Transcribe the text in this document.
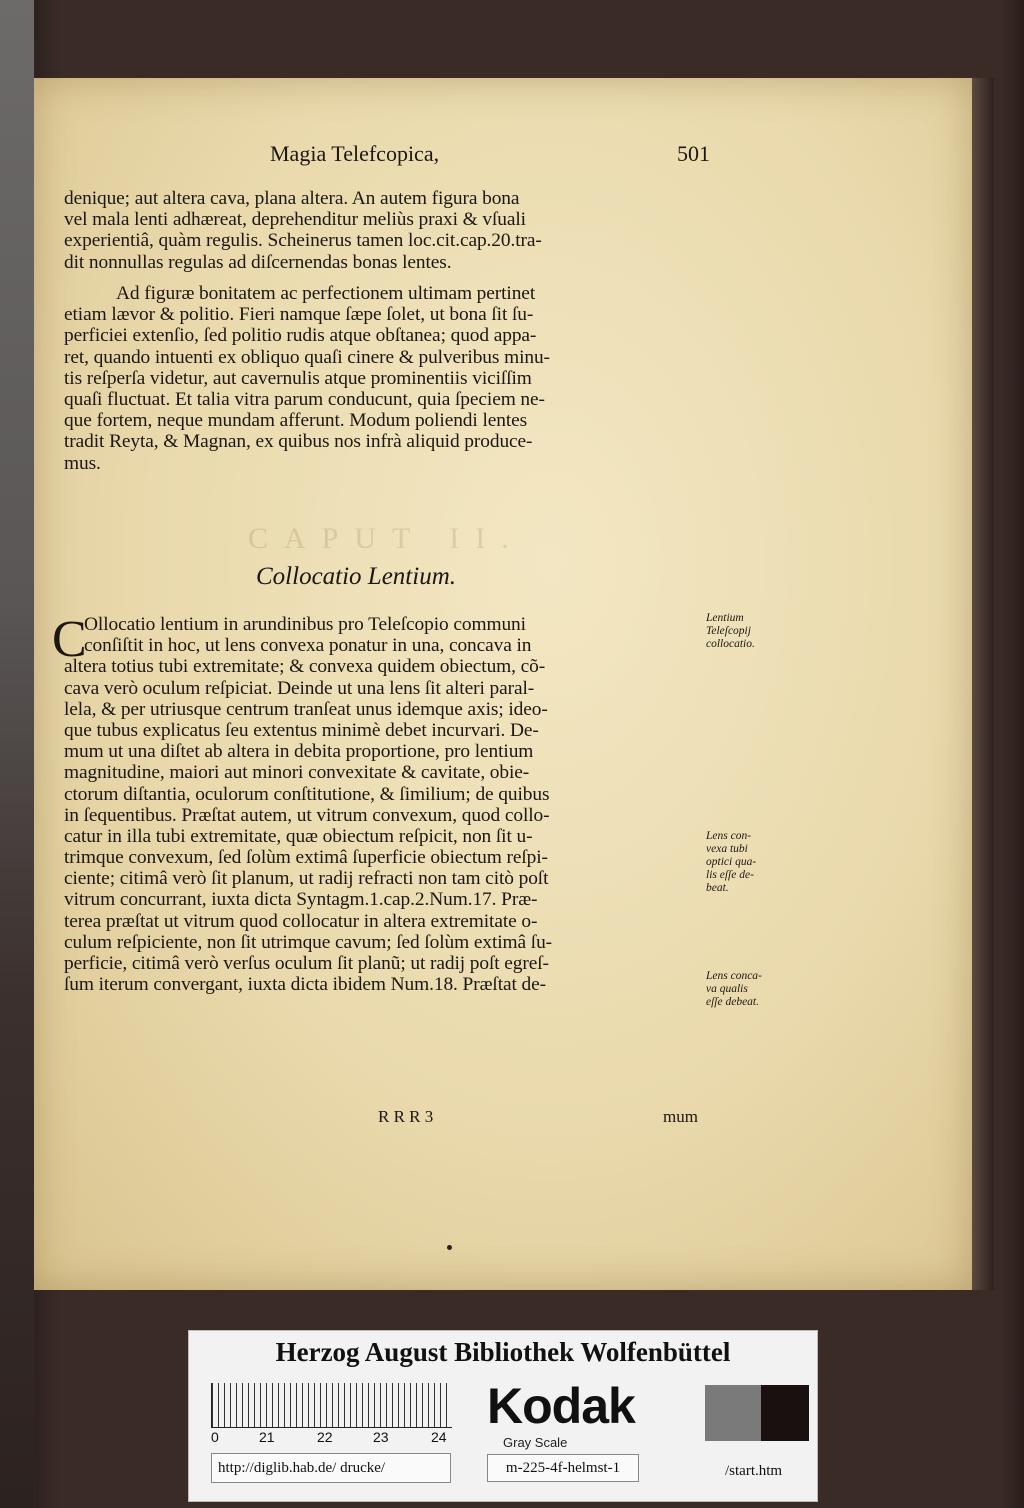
Magia Telefcopica,	501
denique; aut altera cava, plana altera. An autem figura bona
vel mala lenti adhæreat, deprehenditur meliùs praxi & vſuali
experientiâ, quàm regulis. Scheinerus tamen loc.cit.cap.20.tra-
dit nonnullas regulas ad diſcernendas bonas lentes.
Ad figuræ bonitatem ac perfectionem ultimam pertinet
etiam lævor & politio. Fieri namque ſæpe ſolet, ut bona ſit ſu-
perficiei extenſio, ſed politio rudis atque obſtanea; quod appa-
ret, quando intuenti ex obliquo quaſi cinere & pulveribus minu-
tis reſperſa videtur, aut cavernulis atque prominentiis viciſſim
quaſi fluctuat. Et talia vitra parum conducunt, quia ſpeciem ne-
que fortem, neque mundam afferunt. Modum poliendi lentes
tradit Reyta, & Magnan, ex quibus nos infrà aliquid produce-
mus.
CAPUT II.
Collocatio Lentium.
C
Ollocatio lentium in arundinibus pro Teleſcopio communi
conſiſtit in hoc, ut lens convexa ponatur in una, concava in
altera totius tubi extremitate; & convexa quidem obiectum, cõ-
cava verò oculum reſpiciat. Deinde ut una lens ſit alteri paral-
lela, & per utriusque centrum tranſeat unus idemque axis; ideo-
que tubus explicatus ſeu extentus minimè debet incurvari. De-
mum ut una diſtet ab altera in debita proportione, pro lentium
magnitudine, maiori aut minori convexitate & cavitate, obie-
ctorum diſtantia, oculorum conſtitutione, & ſimilium; de quibus
in ſequentibus. Præſtat autem, ut vitrum convexum, quod collo-
catur in illa tubi extremitate, quæ obiectum reſpicit, non ſit u-
trimque convexum, ſed ſolùm extimâ ſuperficie obiectum reſpi-
ciente; citimâ verò ſit planum, ut radij refracti non tam citò poſt
vitrum concurrant, iuxta dicta Syntagm.1.cap.2.Num.17. Præ-
terea præſtat ut vitrum quod collocatur in altera extremitate o-
culum reſpiciente, non ſit utrimque cavum; ſed ſolùm extimâ ſu-
perficie, citimâ verò verſus oculum ſit planũ; ut radij poſt egreſ-
ſum iterum convergant, iuxta dicta ibidem Num.18. Præſtat de-
Lentium
Teleſcopij
collocatio.
Lens con-
vexa tubi
optici qua-
lis eſſe de-
beat.
Lens conca-
va qualis
eſſe debeat.
R R R 3	mum
Herzog August Bibliothek Wolfenbüttel
0	21	22	23	24
Kodak
Gray Scale
m-225-4f-helmst-1
http://diglib.hab.de/ drucke/	/start.htm
